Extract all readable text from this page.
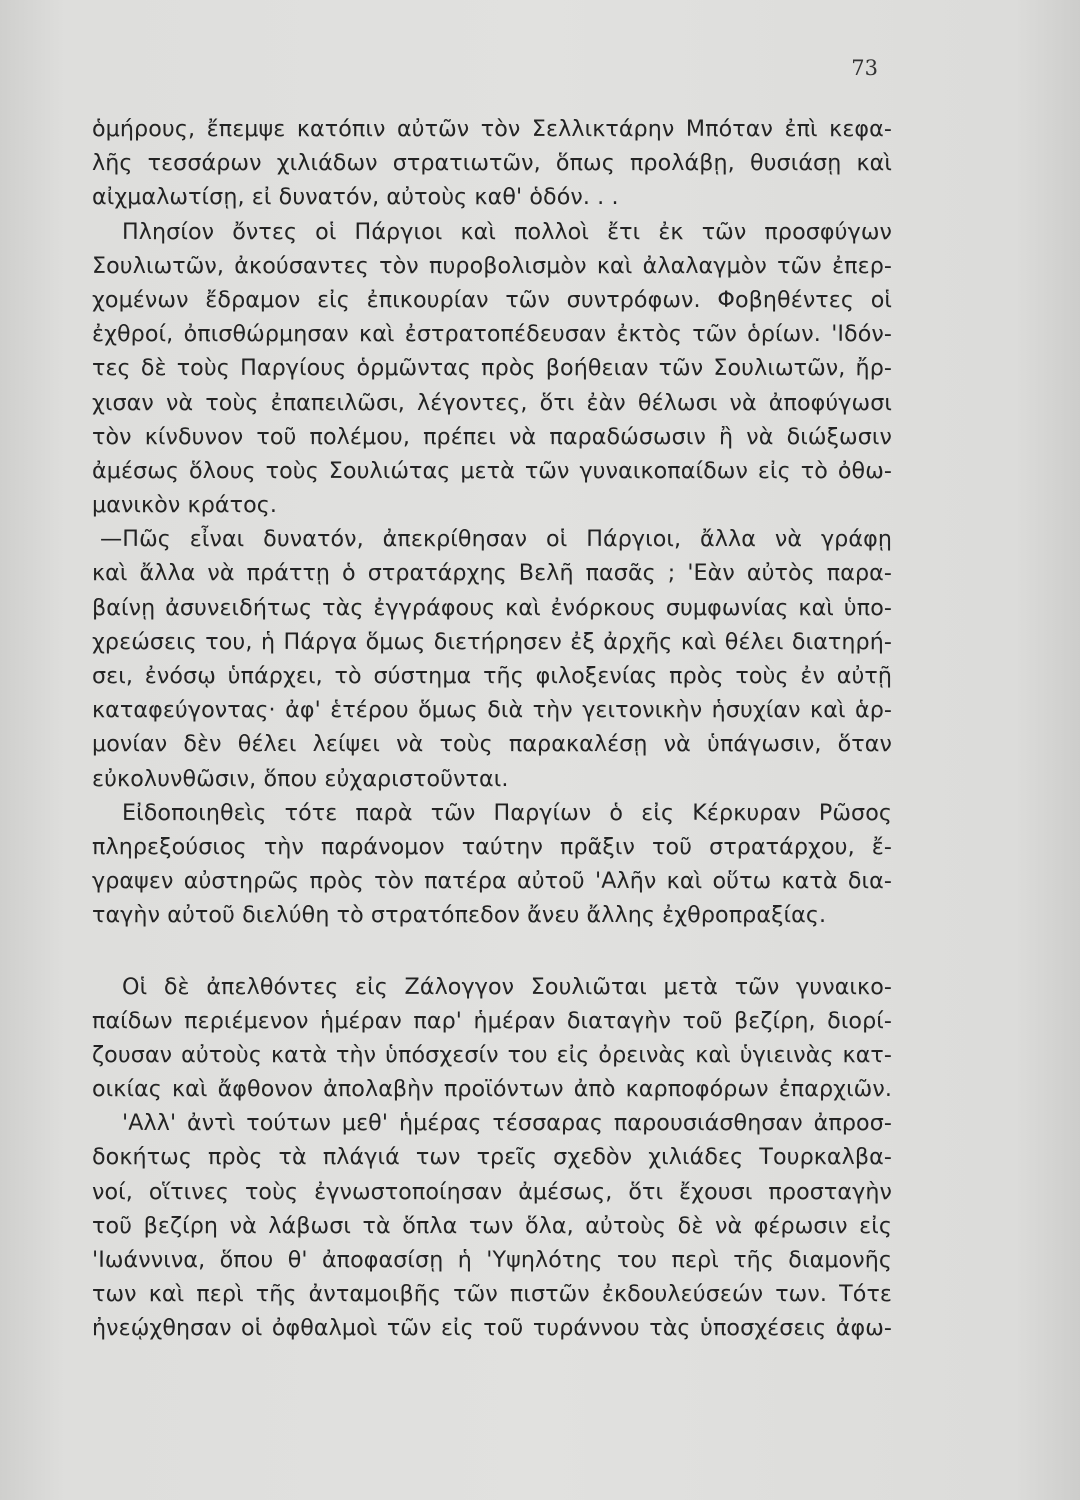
73
ὁμήρους, ἔπεμψε κατόπιν αὐτῶν τὸν Σελλικτάρην Μπόταν ἐπὶ κεφα-
λῆς τεσσάρων χιλιάδων στρατιωτῶν, ὅπως προλάβῃ, θυσιάσῃ καὶ
αἰχμαλωτίσῃ, εἰ δυνατόν, αὐτοὺς καθ' ὁδόν. . .
Πλησίον ὄντες οἱ Πάργιοι καὶ πολλοὶ ἔτι ἐκ τῶν προσφύγων
Σουλιωτῶν, ἀκούσαντες τὸν πυροβολισμὸν καὶ ἀλαλαγμὸν τῶν ἐπερ-
χομένων ἔδραμον εἰς ἐπικουρίαν τῶν συντρόφων. Φοβηθέντες οἱ
ἐχθροί, ὀπισθώρμησαν καὶ ἐστρατοπέδευσαν ἐκτὸς τῶν ὁρίων. 'Ιδόν-
τες δὲ τοὺς Παργίους ὁρμῶντας πρὸς βοήθειαν τῶν Σουλιωτῶν, ἤρ-
χισαν νὰ τοὺς ἐπαπειλῶσι, λέγοντες, ὅτι ἐὰν θέλωσι νὰ ἀποφύγωσι
τὸν κίνδυνον τοῦ πολέμου, πρέπει νὰ παραδώσωσιν ἢ νὰ διώξωσιν
ἀμέσως ὅλους τοὺς Σουλιώτας μετὰ τῶν γυναικοπαίδων εἰς τὸ ὀθω-
μανικὸν κράτος.
—Πῶς εἶναι δυνατόν, ἀπεκρίθησαν οἱ Πάργιοι, ἄλλα νὰ γράφῃ
καὶ ἄλλα νὰ πράττῃ ὁ στρατάρχης Βελῆ πασᾶς ; 'Εὰν αὐτὸς παρα-
βαίνῃ ἀσυνειδήτως τὰς ἐγγράφους καὶ ἐνόρκους συμφωνίας καὶ ὑπο-
χρεώσεις του, ἡ Πάργα ὅμως διετήρησεν ἐξ ἀρχῆς καὶ θέλει διατηρή-
σει, ἐνόσῳ ὑπάρχει, τὸ σύστημα τῆς φιλοξενίας πρὸς τοὺς ἐν αὐτῇ
καταφεύγοντας· ἀφ' ἑτέρου ὅμως διὰ τὴν γειτονικὴν ἡσυχίαν καὶ ἁρ-
μονίαν δὲν θέλει λείψει νὰ τοὺς παρακαλέσῃ νὰ ὑπάγωσιν, ὅταν
εὐκολυνθῶσιν, ὅπου εὐχαριστοῦνται.
Εἰδοποιηθεὶς τότε παρὰ τῶν Παργίων ὁ εἰς Κέρκυραν Ρῶσος
πληρεξούσιος τὴν παράνομον ταύτην πρᾶξιν τοῦ στρατάρχου, ἔ-
γραψεν αὐστηρῶς πρὸς τὸν πατέρα αὐτοῦ 'Αλῆν καὶ οὕτω κατὰ δια-
ταγὴν αὐτοῦ διελύθη τὸ στρατόπεδον ἄνευ ἄλλης ἐχθροπραξίας.
Οἱ δὲ ἀπελθόντες εἰς Ζάλογγον Σουλιῶται μετὰ τῶν γυναικο-
παίδων περιέμενον ἡμέραν παρ' ἡμέραν διαταγὴν τοῦ βεζίρη, διορί-
ζουσαν αὐτοὺς κατὰ τὴν ὑπόσχεσίν του εἰς ὀρεινὰς καὶ ὑγιεινὰς κατ-
οικίας καὶ ἄφθονον ἀπολαβὴν προϊόντων ἀπὸ καρποφόρων ἐπαρχιῶν.
'Αλλ' ἀντὶ τούτων μεθ' ἡμέρας τέσσαρας παρουσιάσθησαν ἀπροσ-
δοκήτως πρὸς τὰ πλάγιά των τρεῖς σχεδὸν χιλιάδες Τουρκαλβα-
νοί, οἵτινες τοὺς ἐγνωστοποίησαν ἀμέσως, ὅτι ἔχουσι προσταγὴν
τοῦ βεζίρη νὰ λάβωσι τὰ ὅπλα των ὅλα, αὐτοὺς δὲ νὰ φέρωσιν εἰς
'Ιωάννινα, ὅπου θ' ἀποφασίσῃ ἡ 'Υψηλότης του περὶ τῆς διαμονῆς
των καὶ περὶ τῆς ἀνταμοιβῆς τῶν πιστῶν ἐκδουλεύσεών των. Τότε
ἠνεῴχθησαν οἱ ὀφθαλμοὶ τῶν εἰς τοῦ τυράννου τὰς ὑποσχέσεις ἀφω-
